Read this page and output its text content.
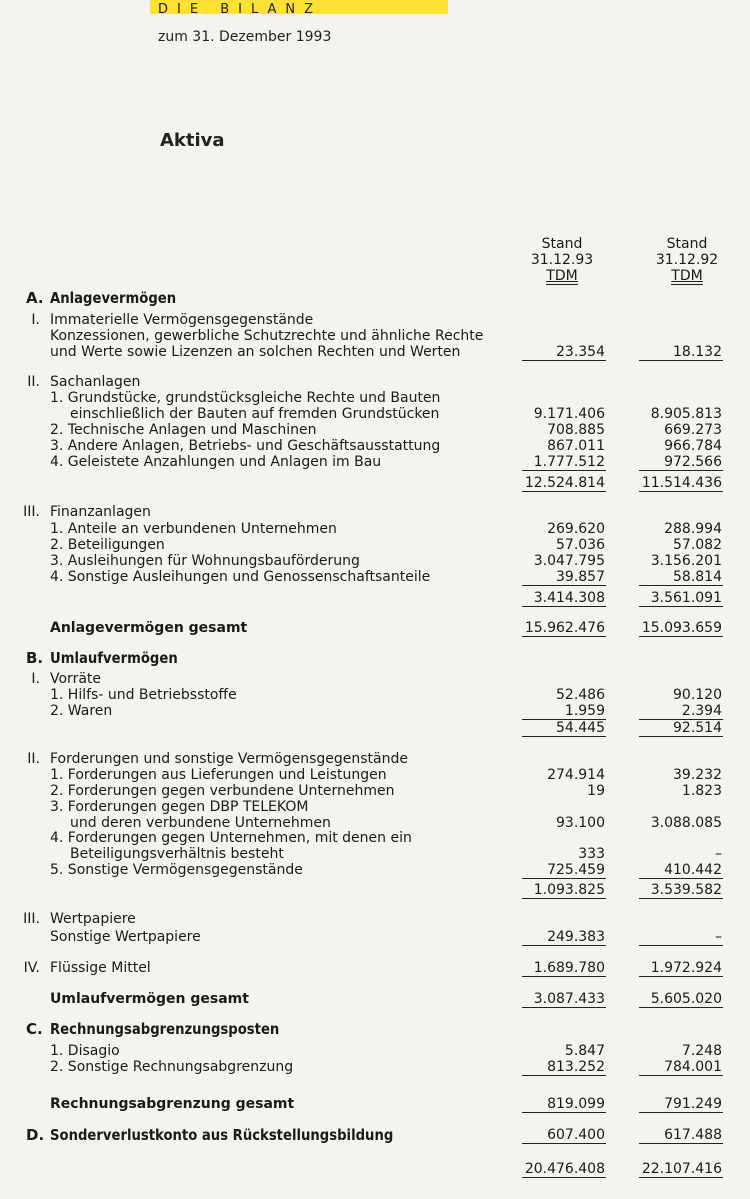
DIE BILANZ
zum 31. Dezember 1993
Aktiva
Stand
31.12.93
TDM
Stand
31.12.92
TDM
A. Anlagevermögen
I. Immaterielle Vermögensgegenstände
Konzessionen, gewerbliche Schutzrechte und ähnliche Rechte
und Werte sowie Lizenzen an solchen Rechten und Werten	23.354	18.132
II. Sachanlagen
1. Grundstücke, grundstücksgleiche Rechte und Bauten
einschließlich der Bauten auf fremden Grundstücken	9.171.406	8.905.813
2. Technische Anlagen und Maschinen	708.885	669.273
3. Andere Anlagen, Betriebs- und Geschäftsausstattung	867.011	966.784
4. Geleistete Anzahlungen und Anlagen im Bau	1.777.512	972.566
12.524.814	11.514.436
III. Finanzanlagen
1. Anteile an verbundenen Unternehmen	269.620	288.994
2. Beteiligungen	57.036	57.082
3. Ausleihungen für Wohnungsbauförderung	3.047.795	3.156.201
4. Sonstige Ausleihungen und Genossenschaftsanteile	39.857	58.814
3.414.308	3.561.091
Anlagevermögen gesamt	15.962.476	15.093.659
B. Umlaufvermögen
I. Vorräte
1. Hilfs- und Betriebsstoffe	52.486	90.120
2. Waren	1.959	2.394
54.445	92.514
II. Forderungen und sonstige Vermögensgegenstände
1. Forderungen aus Lieferungen und Leistungen	274.914	39.232
2. Forderungen gegen verbundene Unternehmen	19	1.823
3. Forderungen gegen DBP TELEKOM
und deren verbundene Unternehmen	93.100	3.088.085
4. Forderungen gegen Unternehmen, mit denen ein
Beteiligungsverhältnis besteht	333	–
5. Sonstige Vermögensgegenstände	725.459	410.442
1.093.825	3.539.582
III. Wertpapiere
Sonstige Wertpapiere	249.383	–
IV. Flüssige Mittel	1.689.780	1.972.924
Umlaufvermögen gesamt	3.087.433	5.605.020
C. Rechnungsabgrenzungsposten
1. Disagio	5.847	7.248
2. Sonstige Rechnungsabgrenzung	813.252	784.001
Rechnungsabgrenzung gesamt	819.099	791.249
D. Sonderverlustkonto aus Rückstellungsbildung	607.400	617.488
20.476.408	22.107.416
